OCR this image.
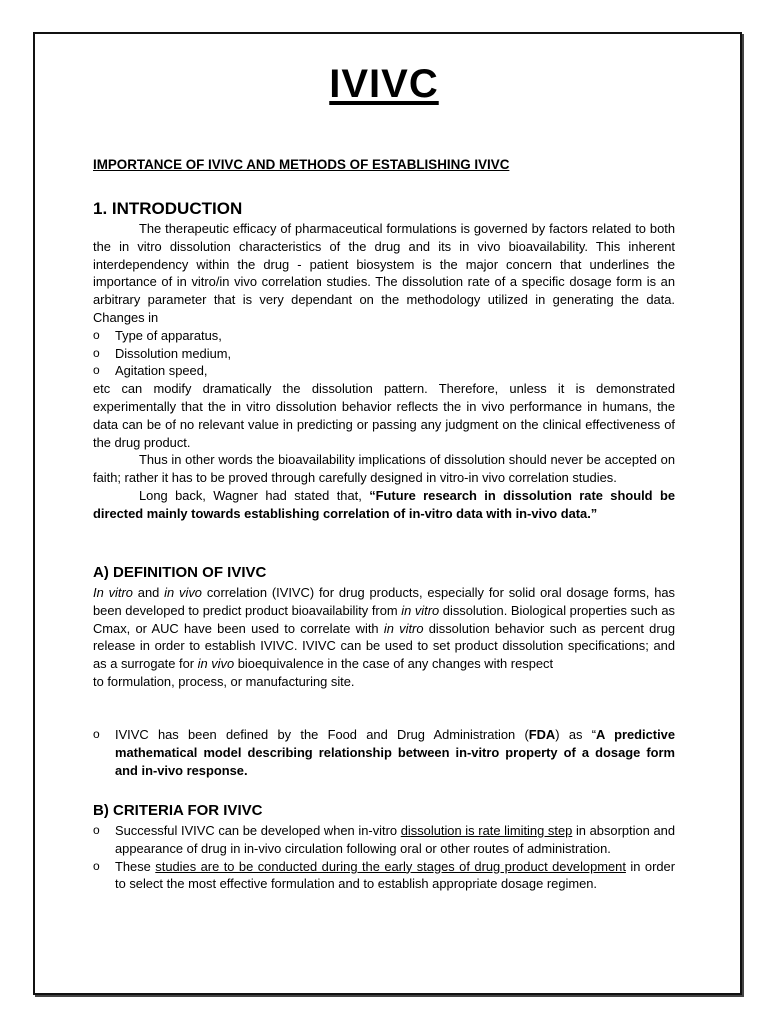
IVIVC
IMPORTANCE OF IVIVC AND METHODS OF ESTABLISHING IVIVC
1. INTRODUCTION

The therapeutic efficacy of pharmaceutical formulations is governed by factors related to both the in vitro dissolution characteristics of the drug and its in vivo bioavailability. This inherent interdependency within the drug - patient biosystem is the major concern that underlines the importance of in vitro/in vivo correlation studies. The dissolution rate of a specific dosage form is an arbitrary parameter that is very dependant on the methodology utilized in generating the data. Changes in

o Type of apparatus,
o Dissolution medium,
o Agitation speed,

etc can modify dramatically the dissolution pattern. Therefore, unless it is demonstrated experimentally that the in vitro dissolution behavior reflects the in vivo performance in humans, the data can be of no relevant value in predicting or passing any judgment on the clinical effectiveness of the drug product.

Thus in other words the bioavailability implications of dissolution should never be accepted on faith; rather it has to be proved through carefully designed in vitro-in vivo correlation studies.

Long back, Wagner had stated that, “Future research in dissolution rate should be directed mainly towards establishing correlation of in-vitro data with in-vivo data.”

A) DEFINITION OF IVIVC

In vitro and in vivo correlation (IVIVC) for drug products, especially for solid oral dosage forms, has been developed to predict product bioavailability from in vitro dissolution. Biological properties such as Cmax, or AUC have been used to correlate with in vitro dissolution behavior such as percent drug release in order to establish IVIVC. IVIVC can be used to set product dissolution specifications; and as a surrogate for in vivo bioequivalence in the case of any changes with respect

to formulation, process, or manufacturing site.

o IVIVC has been defined by the Food and Drug Administration (FDA) as “A predictive mathematical model describing relationship between in-vitro property of a dosage form and in-vivo response.
B) CRITERIA FOR IVIVC
o Successful IVIVC can be developed when in-vitro dissolution is rate limiting step in absorption and appearance of drug in in-vivo circulation following oral or other routes of administration.
o These studies are to be conducted during the early stages of drug product development in order to select the most effective formulation and to establish appropriate dosage regimen.
